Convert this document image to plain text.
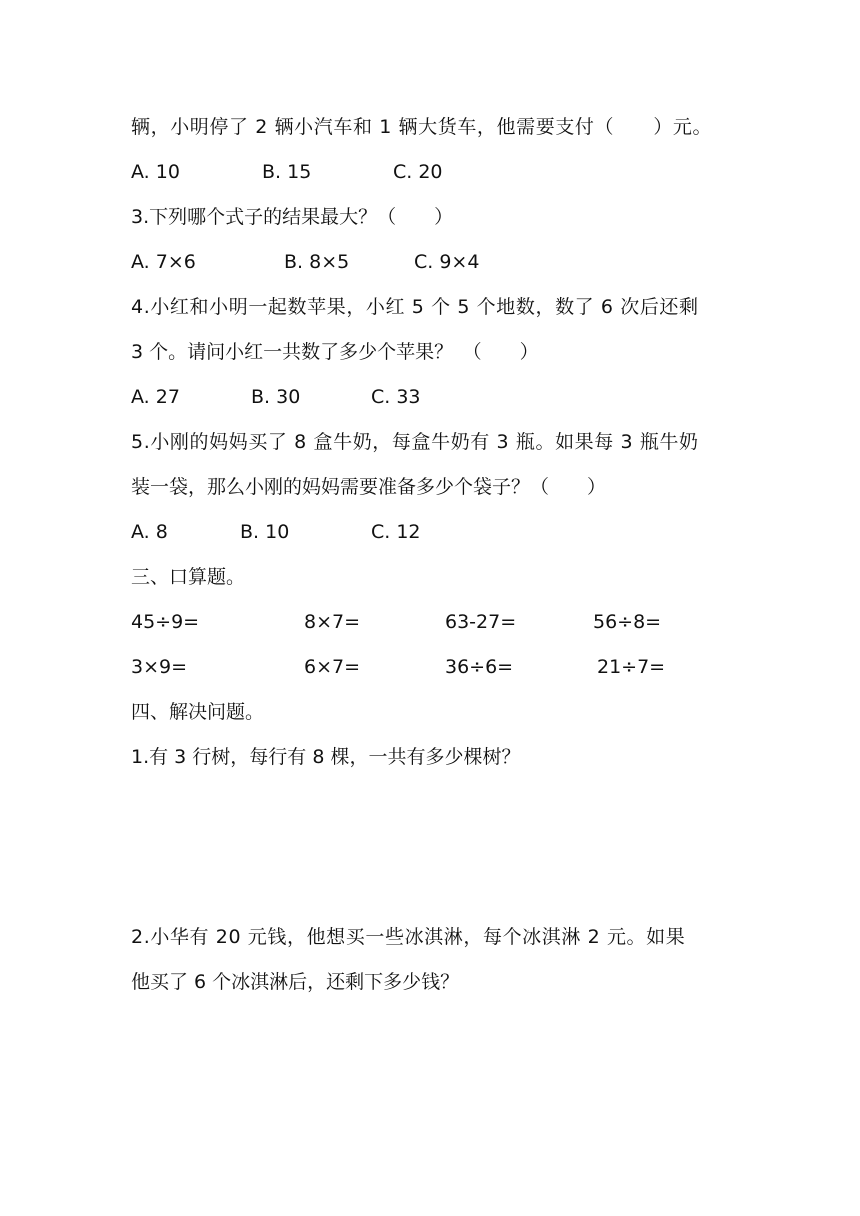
辆，小明停了 2 辆小汽车和 1 辆大货车，他需要支付（　　）元。
A. 10	B. 15	C. 20
3.下列哪个式子的结果最大？（　　）
A. 7×6	B. 8×5	C. 9×4
4.小红和小明一起数苹果，小红 5 个 5 个地数，数了 6 次后还剩
3 个。请问小红一共数了多少个苹果？　（　　）
A. 27	B. 30	C. 33
5.小刚的妈妈买了 8 盒牛奶，每盒牛奶有 3 瓶。如果每 3 瓶牛奶
装一袋，那么小刚的妈妈需要准备多少个袋子？（　　）
A. 8	B. 10	C. 12
三、口算题。
45÷9=	8×7=	63-27=	56÷8=
3×9=	6×7=	36÷6=	21÷7=
四、解决问题。
1.有 3 行树，每行有 8 棵，一共有多少棵树？
2.小华有 20 元钱，他想买一些冰淇淋，每个冰淇淋 2 元。如果
他买了 6 个冰淇淋后，还剩下多少钱？
